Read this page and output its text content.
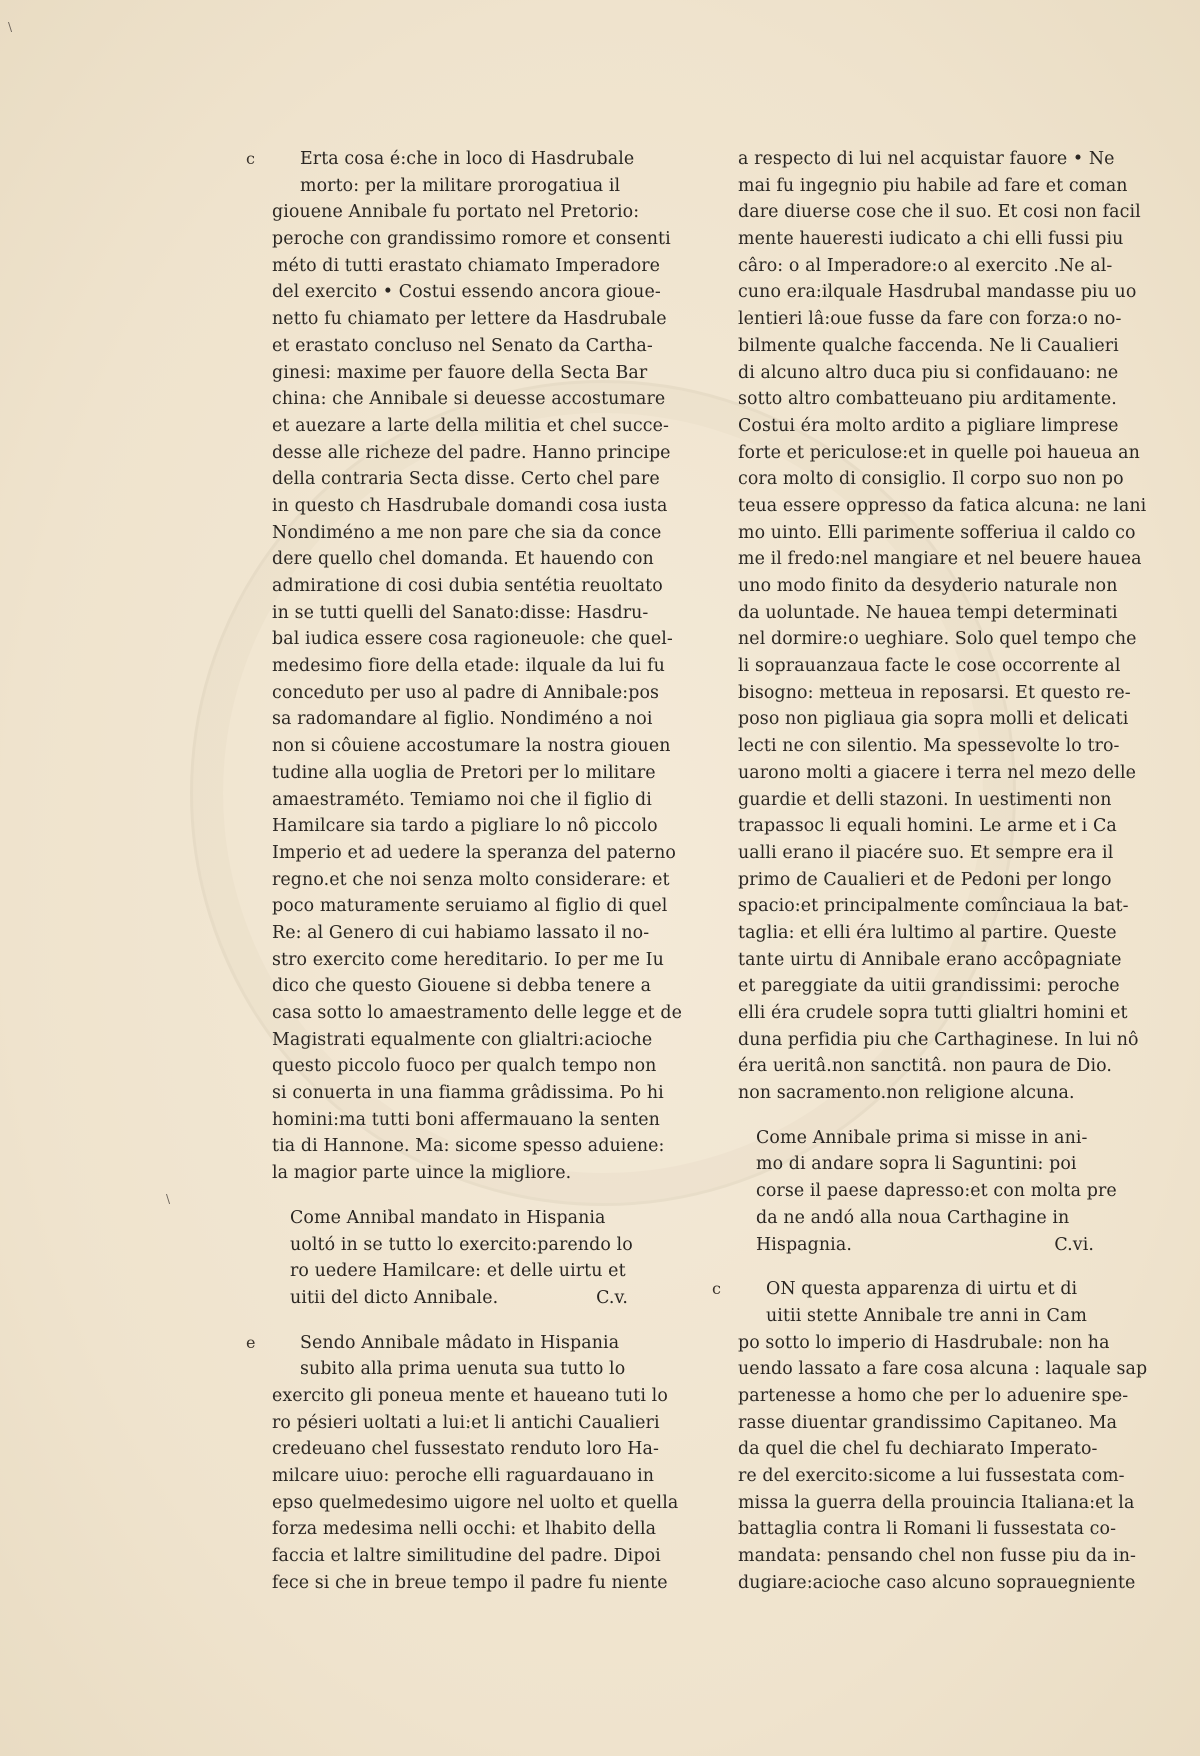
\
\
c	Erta cosa é:che in loco di Hasdrubale
morto: per la militare prorogatiua il
giouene Annibale fu portato nel Pretorio:
peroche con grandissimo romore et consenti
méto di tutti erastato chiamato Imperadore
del exercito • Costui essendo ancora gioue-
netto fu chiamato per lettere da Hasdrubale
et erastato concluso nel Senato da Cartha-
ginesi: maxime per fauore della Secta Bar
china: che Annibale si deuesse accostumare
et auezare a larte della militia et chel succe-
desse alle richeze del padre. Hanno principe
della contraria Secta disse. Certo chel pare
in questo ch Hasdrubale domandi cosa iusta
Nondiméno a me non pare che sia da conce
dere quello chel domanda. Et hauendo con
admiratione di cosi dubia sentétia reuoltato
in se tutti quelli del Sanato:disse: Hasdru-
bal iudica essere cosa ragioneuole: che quel-
medesimo fiore della etade: ilquale da lui fu
conceduto per uso al padre di Annibale:pos
sa radomandare al figlio. Nondiméno a noi
non si côuiene accostumare la nostra giouen
tudine alla uoglia de Pretori per lo militare
amaestraméto. Temiamo noi che il figlio di
Hamilcare sia tardo a pigliare lo nô piccolo
Imperio et ad uedere la speranza del paterno
regno.et che noi senza molto considerare: et
poco maturamente seruiamo al figlio di quel
Re: al Genero di cui habiamo lassato il no-
stro exercito come hereditario. Io per me Iu
dico che questo Giouene si debba tenere a
casa sotto lo amaestramento delle legge et de
Magistrati equalmente con glialtri:acioche
questo piccolo fuoco per qualch tempo non
si conuerta in una fiamma grâdissima. Po hi
homini:ma tutti boni affermauano la senten
tia di Hannone. Ma: sicome spesso aduiene:
la magior parte uince la migliore.
Come Annibal mandato in Hispania
uoltó in se tutto lo exercito:parendo lo
ro uedere Hamilcare: et delle uirtu et
uitii del dicto Annibale.	C.v.
e	Sendo Annibale mâdato in Hispania
subito alla prima uenuta sua tutto lo
exercito gli poneua mente et haueano tuti lo
ro pésieri uoltati a lui:et li antichi Caualieri
credeuano chel fussestato renduto loro Ha-
milcare uiuo: peroche elli raguardauano in
epso quelmedesimo uigore nel uolto et quella
forza medesima nelli occhi: et lhabito della
faccia et laltre similitudine del padre. Dipoi
fece si che in breue tempo il padre fu niente
a respecto di lui nel acquistar fauore • Ne
mai fu ingegnio piu habile ad fare et coman
dare diuerse cose che il suo. Et cosi non facil
mente haueresti iudicato a chi elli fussi piu
câro: o al Imperadore:o al exercito .Ne al-
cuno era:ilquale Hasdrubal mandasse piu uo
lentieri lâ:oue fusse da fare con forza:o no-
bilmente qualche faccenda. Ne li Caualieri
di alcuno altro duca piu si confidauano: ne
sotto altro combatteuano piu arditamente.
Costui éra molto ardito a pigliare limprese
forte et periculose:et in quelle poi haueua an
cora molto di consiglio. Il corpo suo non po
teua essere oppresso da fatica alcuna: ne lani
mo uinto. Elli parimente sofferiua il caldo co
me il fredo:nel mangiare et nel beuere hauea
uno modo finito da desyderio naturale non
da uoluntade. Ne hauea tempi determinati
nel dormire:o ueghiare. Solo quel tempo che
li soprauanzaua facte le cose occorrente al
bisogno: metteua in reposarsi. Et questo re-
poso non pigliaua gia sopra molli et delicati
lecti ne con silentio. Ma spessevolte lo tro-
uarono molti a giacere i terra nel mezo delle
guardie et delli stazoni. In uestimenti non
trapassoc li equali homini. Le arme et i Ca
ualli erano il piacére suo. Et sempre era il
primo de Caualieri et de Pedoni per longo
spacio:et principalmente comînciaua la bat-
taglia: et elli éra lultimo al partire. Queste
tante uirtu di Annibale erano accôpagniate
et pareggiate da uitii grandissimi: peroche
elli éra crudele sopra tutti glialtri homini et
duna perfidia piu che Carthaginese. In lui nô
éra ueritâ.non sanctitâ. non paura de Dio.
non sacramento.non religione alcuna.
Come Annibale prima si misse in ani-
mo di andare sopra li Saguntini: poi
corse il paese dapresso:et con molta pre
da ne andó alla noua Carthagine in
Hispagnia.	C.vi.
c	ON questa apparenza di uirtu et di
uitii stette Annibale tre anni in Cam
po sotto lo imperio di Hasdrubale: non ha
uendo lassato a fare cosa alcuna : laquale sap
partenesse a homo che per lo aduenire spe-
rasse diuentar grandissimo Capitaneo. Ma
da quel die chel fu dechiarato Imperato-
re del exercito:sicome a lui fussestata com-
missa la guerra della prouincia Italiana:et la
battaglia contra li Romani li fussestata co-
mandata: pensando chel non fusse piu da in-
dugiare:acioche caso alcuno soprauegniente
